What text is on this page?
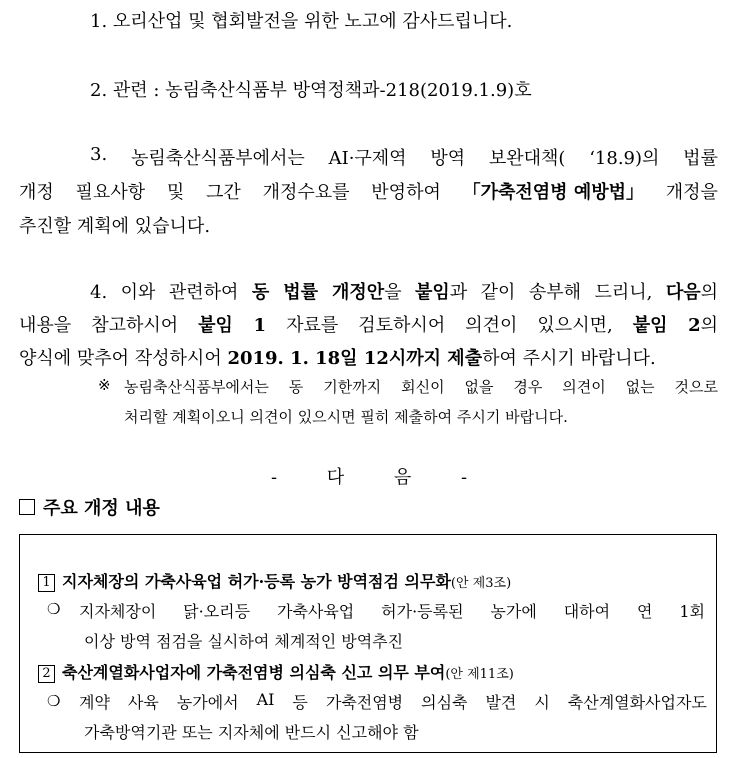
1. 오리산업 및 협회발전을 위한 노고에 감사드립니다.
2. 관련 : 농림축산식품부 방역정책과-218(2019.1.9)호
3. 농림축산식품부에서는 AI·구제역 방역 보완대책( ‘18.9)의 법률
개정 필요사항 및 그간 개정수요를 반영하여 「가축전염병 예방법」 개정을
추진할 계획에 있습니다.
4. 이와 관련하여 동 법률 개정안을 붙임과 같이 송부해 드리니, 다음의
내용을 참고하시어 붙임 1 자료를 검토하시어 의견이 있으시면, 붙임 2의
양식에 맞추어 작성하시어 2019. 1. 18일 12시까지 제출하여 주시기 바랍니다.
※ 농림축산식품부에서는 동 기한까지 회신이 없을 경우 의견이 없는 것으로
처리할 계획이오니 의견이 있으시면 필히 제출하여 주시기 바랍니다.
- 다 음 -
주요 개정 내용
1 지자체장의 가축사육업 허가·등록 농가 방역점검 의무화(안 제3조)
❍ 지자체장이 닭·오리등 가축사육업 허가·등록된 농가에 대하여 연 1회
이상 방역 점검을 실시하여 체계적인 방역추진
2 축산계열화사업자에 가축전염병 의심축 신고 의무 부여(안 제11조)
❍ 계약 사육 농가에서 AI 등 가축전염병 의심축 발견 시 축산계열화사업자도
가축방역기관 또는 지자체에 반드시 신고해야 함
